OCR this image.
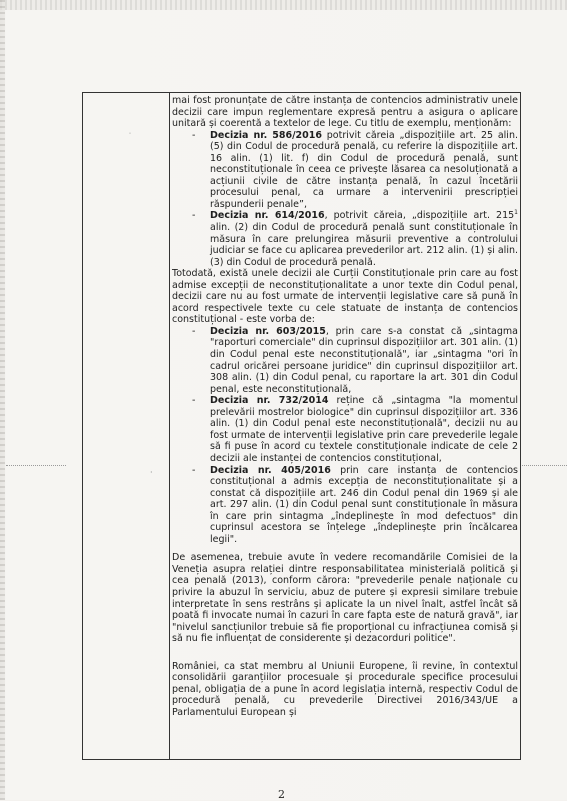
˙
·

mai fost pronunțate de către instanța de contencios administrativ unele decizii care impun reglementare expresă pentru a asigura o aplicare unitară și coerentă a textelor de lege. Cu titlu de exemplu, menționăm:

- Decizia nr. 586/2016 potrivit căreia „dispozițiile art. 25 alin. (5) din Codul de procedură penală, cu referire la dispozițiile art. 16 alin. (1) lit. f) din Codul de procedură penală, sunt neconstituționale în ceea ce privește lăsarea ca nesoluționată a acțiunii civile de către instanța penală, în cazul încetării procesului penal, ca urmare a intervenirii prescripției răspunderii penale”,
- Decizia nr. 614/2016, potrivit căreia, „dispozițiile art. $215^1$ alin. (2) din Codul de procedură penală sunt constituționale în măsura în care prelungirea măsurii preventive a controlului judiciar se face cu aplicarea prevederilor art. 212 alin. (1) și alin. (3) din Codul de procedură penală.

Totodată, există unele decizii ale Curții Constituționale prin care au fost admise excepții de neconstituționalitate a unor texte din Codul penal, decizii care nu au fost urmate de intervenții legislative care să pună în acord respectivele texte cu cele statuate de instanța de contencios constituțional - este vorba de:

- Decizia nr. 603/2015, prin care s-a constat că „sintagma "raporturi comerciale" din cuprinsul dispozițiilor art. 301 alin. (1) din Codul penal este neconstituțională", iar „sintagma "ori în cadrul oricărei persoane juridice" din cuprinsul dispozițiilor art. 308 alin. (1) din Codul penal, cu raportare la art. 301 din Codul penal, este neconstituțională,
- Decizia nr. 732/2014 reține că „sintagma "la momentul prelevării mostrelor biologice" din cuprinsul dispozițiilor art. 336 alin. (1) din Codul penal este neconstituțională", decizii nu au fost urmate de intervenții legislative prin care prevederile legale să fi puse în acord cu textele constituționale indicate de cele 2 decizii ale instanței de contencios constituțional,
- Decizia nr. 405/2016 prin care instanța de contencios constituțional a admis excepția de neconstituționalitate și a constat că dispozițiile art. 246 din Codul penal din 1969 și ale art. 297 alin. (1) din Codul penal sunt constituționale în măsura în care prin sintagma „îndeplinește în mod defectuos" din cuprinsul acestora se înțelege „îndeplinește prin încălcarea legii".

De asemenea, trebuie avute în vedere recomandările Comisiei de la Veneția asupra relației dintre responsabilitatea ministerială politică și cea penală (2013), conform cărora: "prevederile penale naționale cu privire la abuzul în serviciu, abuz de putere și expresii similare trebuie interpretate în sens restrâns și aplicate la un nivel înalt, astfel încât să poată fi invocate numai în cazuri în care fapta este de natură gravă", iar "nivelul sancțiunilor trebuie să fie proporțional cu infracțiunea comisă și să nu fie influențat de considerente și dezacorduri politice".

României, ca stat membru al Uniunii Europene, îi revine, în contextul consolidării garanțiilor procesuale și procedurale specifice procesului penal, obligația de a pune în acord legislația internă, respectiv Codul de procedură penală, cu prevederile Directivei 2016/343/UE a Parlamentului European și

2
